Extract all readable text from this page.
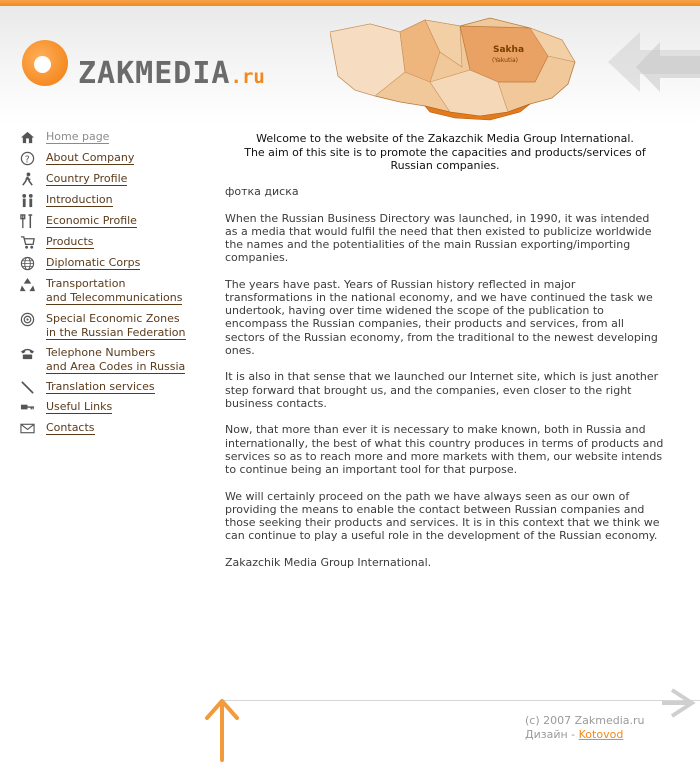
ZAKMEDIA.ru
Sakha
(Yakutia)
Home page
? About Company
Country Profile
Introduction
Economic Profile
Products
Diplomatic Corps
Transportation
and Telecommunications
Special Economic Zones
in the Russian Federation
Telephone Numbers
and Area Codes in Russia
Translation services
Useful Links
Contacts
Welcome to the website of the Zakazchik Media Group International.
The aim of this site is to promote the capacities and products/services of
Russian companies.

фотка диска

When the Russian Business Directory was launched, in 1990, it was intended as a media that would fulfil the need that then existed to publicize worldwide the names and the potentialities of the main Russian exporting/importing companies.

The years have past. Years of Russian history reflected in major transformations in the national economy, and we have continued the task we undertook, having over time widened the scope of the publication to encompass the Russian companies, their products and services, from all sectors of the Russian economy, from the traditional to the newest developing ones.

It is also in that sense that we launched our Internet site, which is just another step forward that brought us, and the companies, even closer to the right business contacts.

Now, that more than ever it is necessary to make known, both in Russia and internationally, the best of what this country produces in terms of products and services so as to reach more and more markets with them, our website intends to continue being an important tool for that purpose.

We will certainly proceed on the path we have always seen as our own of providing the means to enable the contact between Russian companies and those seeking their products and services. It is in this context that we think we can continue to play a useful role in the development of the Russian economy.

Zakazchik Media Group International.

(c) 2007 Zakmedia.ru
Дизайн - Kotovod
